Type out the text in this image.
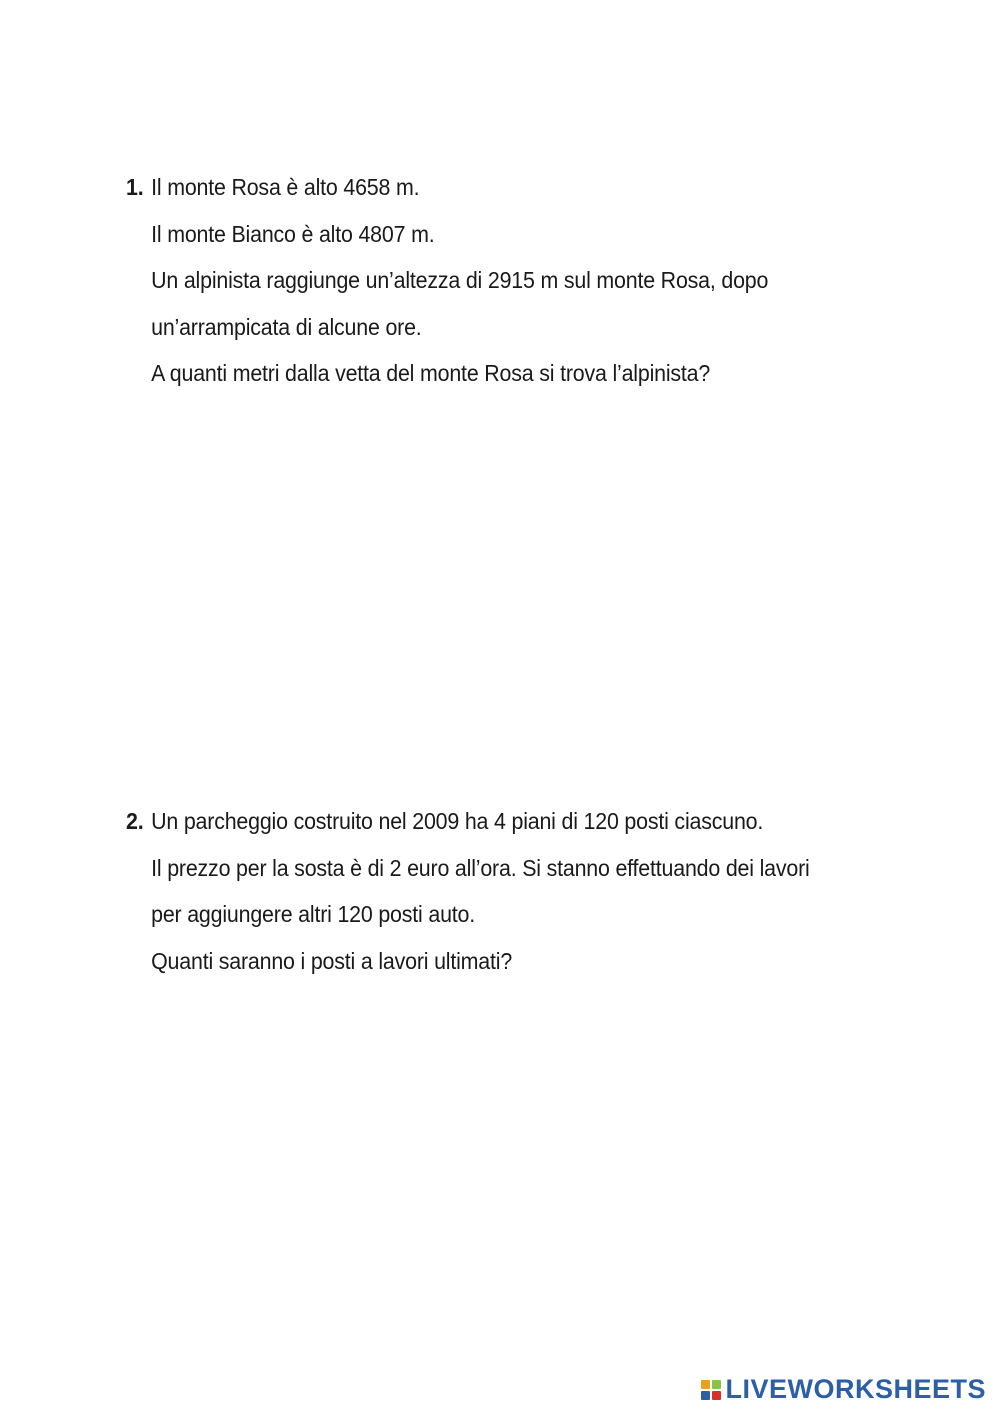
1. Il monte Rosa è alto 4658 m.
Il monte Bianco è alto 4807 m.
Un alpinista raggiunge un’altezza di 2915 m sul monte Rosa, dopo
un’arrampicata di alcune ore.
A quanti metri dalla vetta del monte Rosa si trova l’alpinista?
2. Un parcheggio costruito nel 2009 ha 4 piani di 120 posti ciascuno.
Il prezzo per la sosta è di 2 euro all’ora. Si stanno effettuando dei lavori
per aggiungere altri 120 posti auto.
Quanti saranno i posti a lavori ultimati?
LIVEWORKSHEETS
